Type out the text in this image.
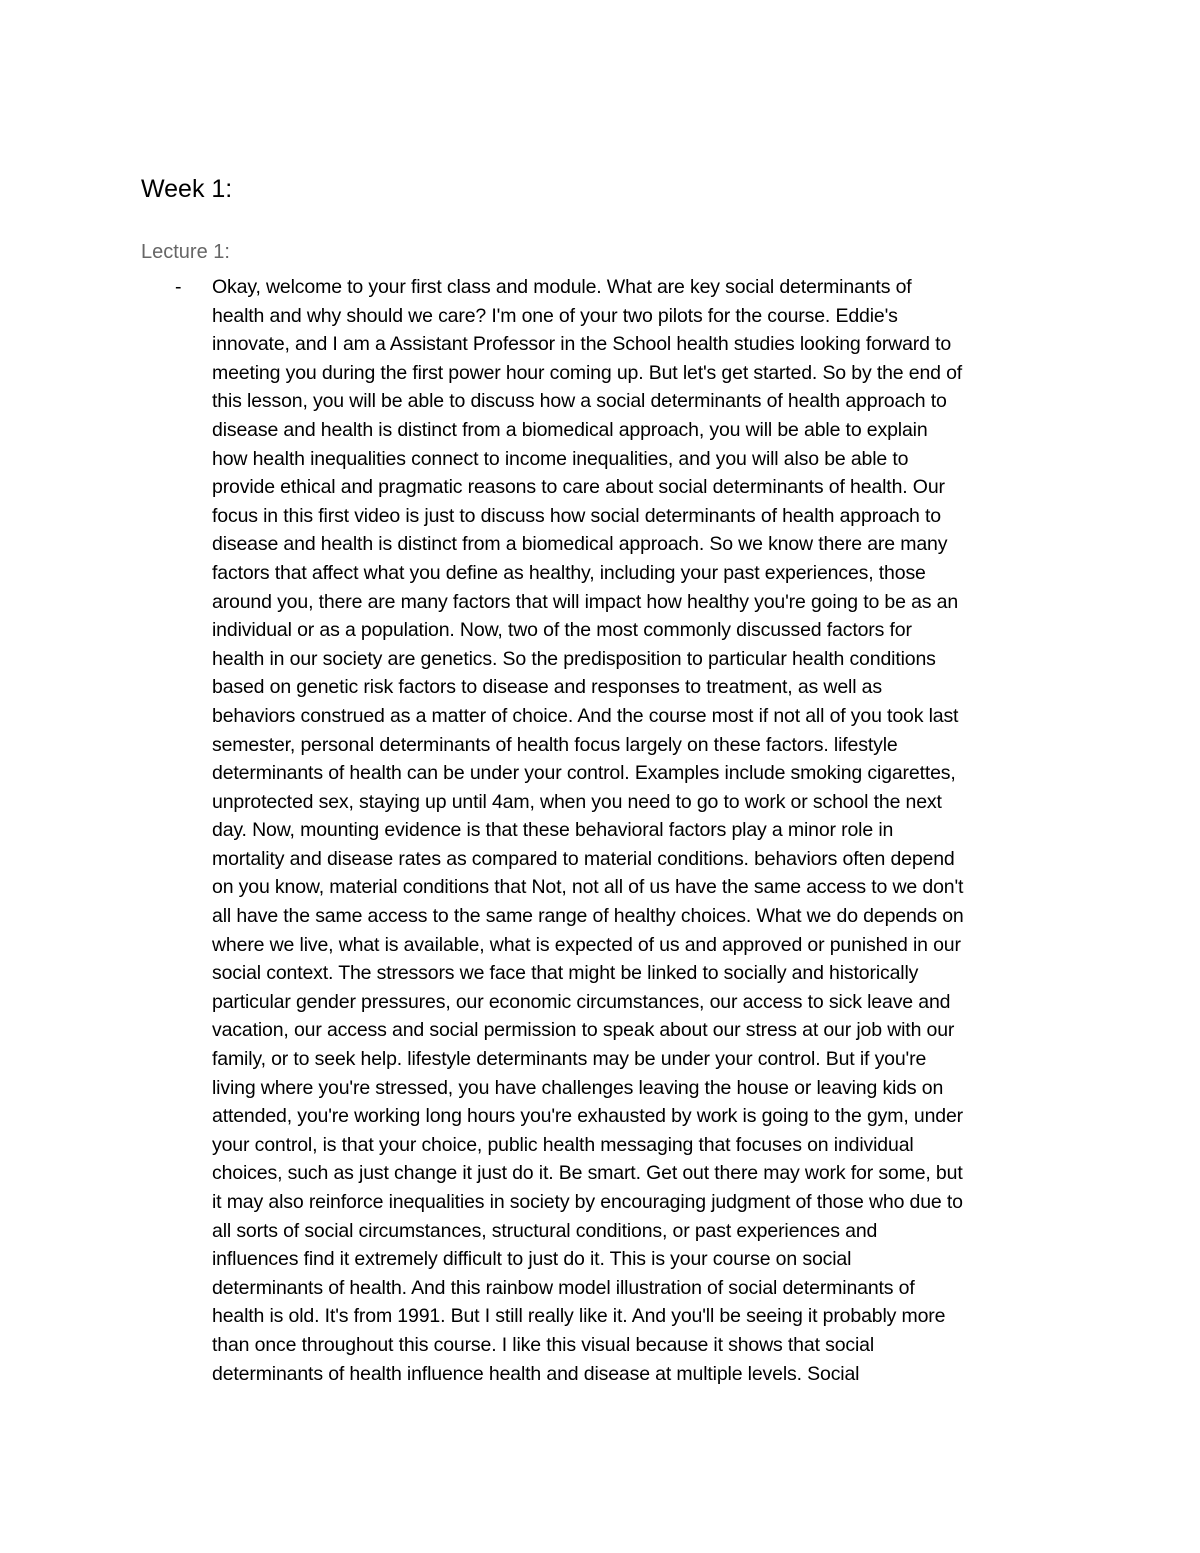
Week 1:
Lecture 1:
- Okay, welcome to your first class and module. What are key social determinants of
health and why should we care? I'm one of your two pilots for the course. Eddie's
innovate, and I am a Assistant Professor in the School health studies looking forward to
meeting you during the first power hour coming up. But let's get started. So by the end of
this lesson, you will be able to discuss how a social determinants of health approach to
disease and health is distinct from a biomedical approach, you will be able to explain
how health inequalities connect to income inequalities, and you will also be able to
provide ethical and pragmatic reasons to care about social determinants of health. Our
focus in this first video is just to discuss how social determinants of health approach to
disease and health is distinct from a biomedical approach. So we know there are many
factors that affect what you define as healthy, including your past experiences, those
around you, there are many factors that will impact how healthy you're going to be as an
individual or as a population. Now, two of the most commonly discussed factors for
health in our society are genetics. So the predisposition to particular health conditions
based on genetic risk factors to disease and responses to treatment, as well as
behaviors construed as a matter of choice. And the course most if not all of you took last
semester, personal determinants of health focus largely on these factors. lifestyle
determinants of health can be under your control. Examples include smoking cigarettes,
unprotected sex, staying up until 4am, when you need to go to work or school the next
day. Now, mounting evidence is that these behavioral factors play a minor role in
mortality and disease rates as compared to material conditions. behaviors often depend
on you know, material conditions that Not, not all of us have the same access to we don't
all have the same access to the same range of healthy choices. What we do depends on
where we live, what is available, what is expected of us and approved or punished in our
social context. The stressors we face that might be linked to socially and historically
particular gender pressures, our economic circumstances, our access to sick leave and
vacation, our access and social permission to speak about our stress at our job with our
family, or to seek help. lifestyle determinants may be under your control. But if you're
living where you're stressed, you have challenges leaving the house or leaving kids on
attended, you're working long hours you're exhausted by work is going to the gym, under
your control, is that your choice, public health messaging that focuses on individual
choices, such as just change it just do it. Be smart. Get out there may work for some, but
it may also reinforce inequalities in society by encouraging judgment of those who due to
all sorts of social circumstances, structural conditions, or past experiences and
influences find it extremely difficult to just do it. This is your course on social
determinants of health. And this rainbow model illustration of social determinants of
health is old. It's from 1991. But I still really like it. And you'll be seeing it probably more
than once throughout this course. I like this visual because it shows that social
determinants of health influence health and disease at multiple levels. Social
